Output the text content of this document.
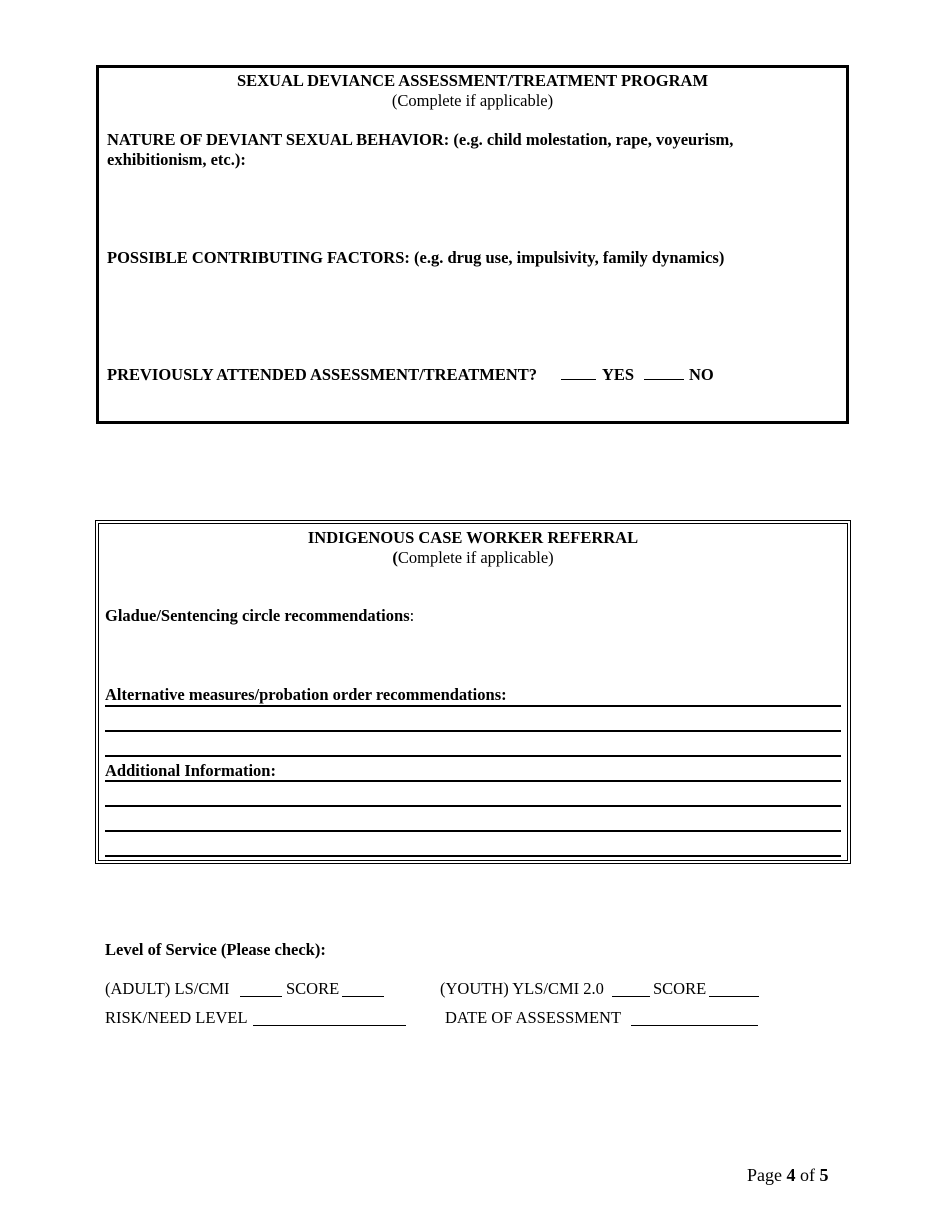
SEXUAL DEVIANCE ASSESSMENT/TREATMENT PROGRAM
(Complete if applicable)
NATURE OF DEVIANT SEXUAL BEHAVIOR: (e.g. child molestation, rape, voyeurism, exhibitionism, etc.):
POSSIBLE CONTRIBUTING FACTORS: (e.g. drug use, impulsivity, family dynamics)
PREVIOUSLY ATTENDED ASSESSMENT/TREATMENT?	YES	NO
INDIGENOUS CASE WORKER REFERRAL
(Complete if applicable)
Gladue/Sentencing circle recommendations:
Alternative measures/probation order recommendations:
Additional Information:
Level of Service (Please check):
(ADULT) LS/CMI	SCORE	(YOUTH) YLS/CMI 2.0	SCORE
RISK/NEED LEVEL	DATE OF ASSESSMENT
Page 4 of 5
